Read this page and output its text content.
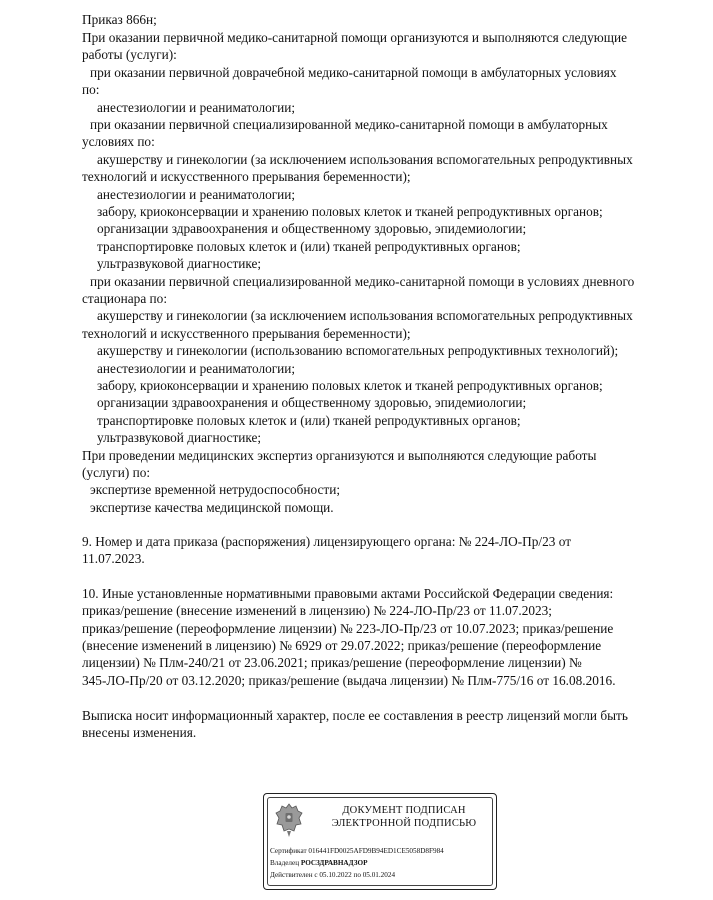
Приказ 866н;
При оказании первичной медико-санитарной помощи организуются и выполняются следующие
работы (услуги):
при оказании первичной доврачебной медико-санитарной помощи в амбулаторных условиях
по:
анестезиологии и реаниматологии;
при оказании первичной специализированной медико-санитарной помощи в амбулаторных
условиях по:
акушерству и гинекологии (за исключением использования вспомогательных репродуктивных
технологий и искусственного прерывания беременности);
анестезиологии и реаниматологии;
забору, криоконсервации и хранению половых клеток и тканей репродуктивных органов;
организации здравоохранения и общественному здоровью, эпидемиологии;
транспортировке половых клеток и (или) тканей репродуктивных органов;
ультразвуковой диагностике;
при оказании первичной специализированной медико-санитарной помощи в условиях дневного
стационара по:
акушерству и гинекологии (за исключением использования вспомогательных репродуктивных
технологий и искусственного прерывания беременности);
акушерству и гинекологии (использованию вспомогательных репродуктивных технологий);
анестезиологии и реаниматологии;
забору, криоконсервации и хранению половых клеток и тканей репродуктивных органов;
организации здравоохранения и общественному здоровью, эпидемиологии;
транспортировке половых клеток и (или) тканей репродуктивных органов;
ультразвуковой диагностике;
При проведении медицинских экспертиз организуются и выполняются следующие работы
(услуги) по:
экспертизе временной нетрудоспособности;
экспертизе качества медицинской помощи.
9. Номер и дата приказа (распоряжения) лицензирующего органа: № 224-ЛО-Пр/23 от
11.07.2023.
10. Иные установленные нормативными правовыми актами Российской Федерации сведения:
приказ/решение (внесение изменений в лицензию) № 224-ЛО-Пр/23 от 11.07.2023;
приказ/решение (переоформление лицензии) № 223-ЛО-Пр/23 от 10.07.2023; приказ/решение
(внесение изменений в лицензию) № 6929 от 29.07.2022; приказ/решение (переоформление
лицензии) № Плм-240/21 от 23.06.2021; приказ/решение (переоформление лицензии) №
345-ЛО-Пр/20 от 03.12.2020; приказ/решение (выдача лицензии) № Плм-775/16 от 16.08.2016.
Выписка носит информационный характер, после ее составления в реестр лицензий могли быть
внесены изменения.
ДОКУМЕНТ ПОДПИСАН
ЭЛЕКТРОННОЙ ПОДПИСЬЮ
Сертификат 016441FD0025AFD9B94ED1CE5058D8F984
Владелец РОСЗДРАВНАДЗОР
Действителен с 05.10.2022 по 05.01.2024
